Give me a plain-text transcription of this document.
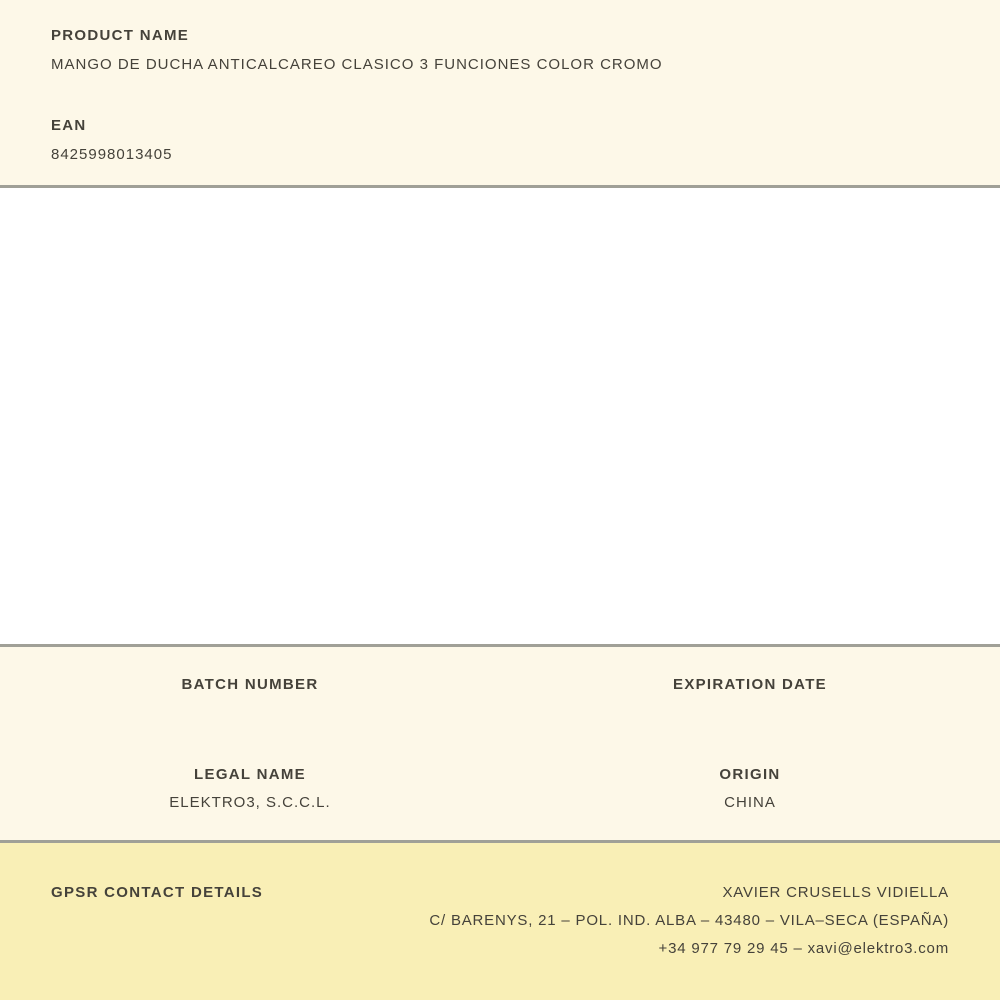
PRODUCT NAME
MANGO DE DUCHA ANTICALCAREO CLASICO 3 FUNCIONES COLOR CROMO
EAN
8425998013405
BATCH NUMBER	EXPIRATION DATE
LEGAL NAME
ELEKTRO3, S.C.C.L.
ORIGIN
CHINA
GPSR CONTACT DETAILS	XAVIER CRUSELLS VIDIELLA
C/ BARENYS, 21 – POL. IND. ALBA – 43480 – VILA–SECA (ESPAÑA)
+34 977 79 29 45 – xavi@elektro3.com
